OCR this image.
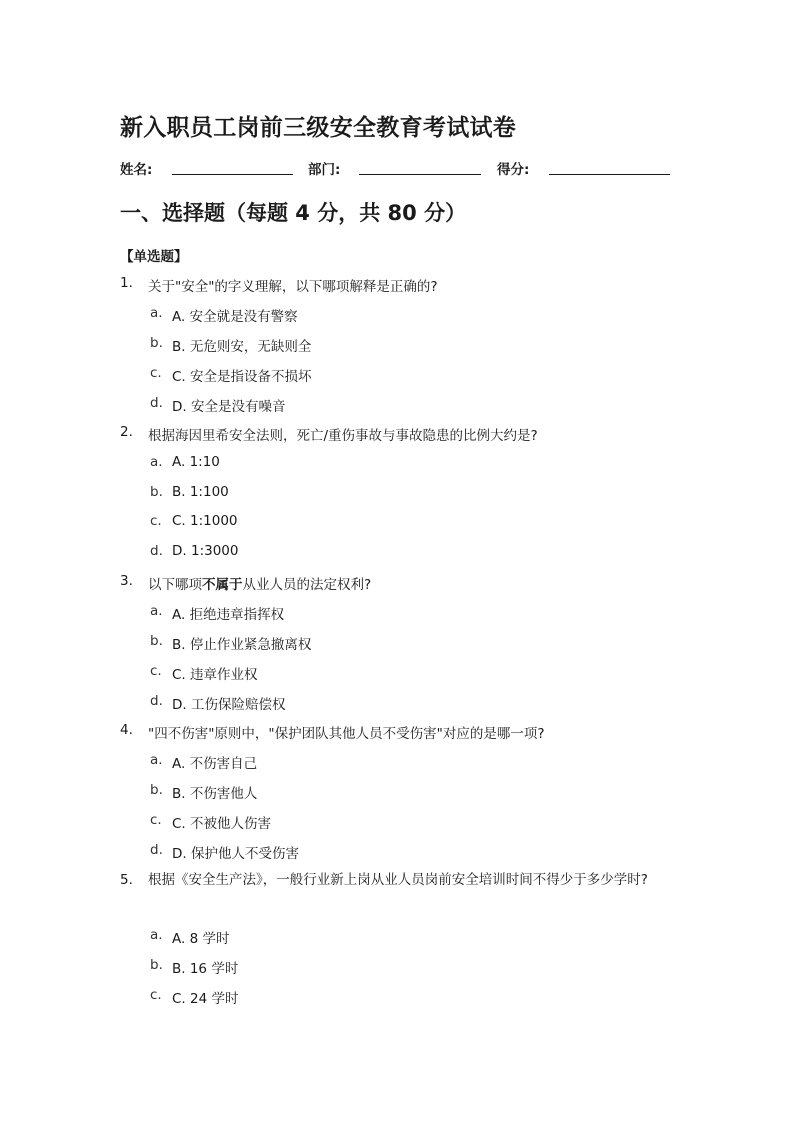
新入职员工岗前三级安全教育考试试卷
姓名:	部门:	得分:
一、选择题（每题 4 分，共 80 分）
【单选题】
1. 关于"安全"的字义理解，以下哪项解释是正确的?
a. A. 安全就是没有警察
b. B. 无危则安，无缺则全
c. C. 安全是指设备不损坏
d. D. 安全是没有噪音
2. 根据海因里希安全法则，死亡/重伤事故与事故隐患的比例大约是?
a. A. 1:10
b. B. 1:100
c. C. 1:1000
d. D. 1:3000
3. 以下哪项不属于从业人员的法定权利?
a. A. 拒绝违章指挥权
b. B. 停止作业紧急撤离权
c. C. 违章作业权
d. D. 工伤保险赔偿权
4. "四不伤害"原则中，"保护团队其他人员不受伤害"对应的是哪一项?
a. A. 不伤害自己
b. B. 不伤害他人
c. C. 不被他人伤害
d. D. 保护他人不受伤害
5.	根据《安全生产法》，一般行业新上岗从业人员岗前安全培训时间不得少于多少学时?
a. A. 8 学时
b. B. 16 学时
c. C. 24 学时
